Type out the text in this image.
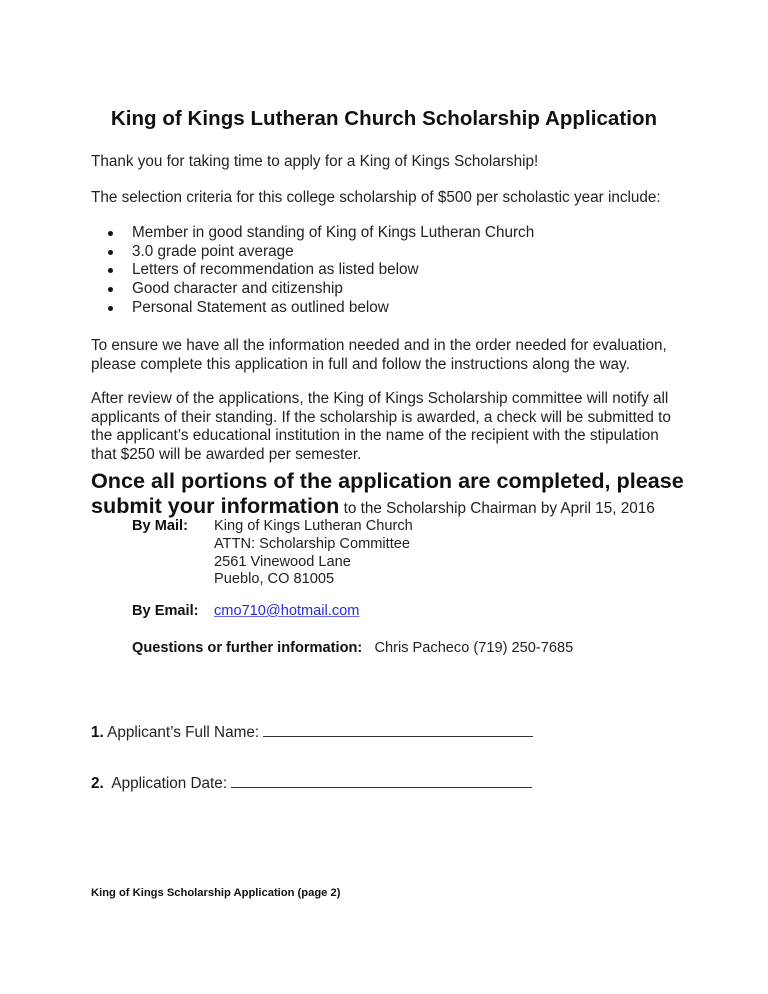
King of Kings Lutheran Church Scholarship Application
Thank you for taking time to apply for a King of Kings Scholarship!
The selection criteria for this college scholarship of $500 per scholastic year include:
Member in good standing of King of Kings Lutheran Church
3.0 grade point average
Letters of recommendation as listed below
Good character and citizenship
Personal Statement as outlined below
To ensure we have all the information needed and in the order needed for evaluation,
please complete this application in full and follow the instructions along the way.
After review of the applications, the King of Kings Scholarship committee will notify all
applicants of their standing. If the scholarship is awarded, a check will be submitted to
the applicant’s educational institution in the name of the recipient with the stipulation
that $250 will be awarded per semester.
Once all portions of the application are completed, please
submit your information to the Scholarship Chairman by April 15, 2016
By Mail: King of Kings Lutheran Church
ATTN: Scholarship Committee
2561 Vinewood Lane
Pueblo, CO 81005
By Email: cmo710@hotmail.com
Questions or further information: Chris Pacheco (719) 250-7685
1. Applicant’s Full Name:
2.  Application Date:
King of Kings Scholarship Application (page 2)
